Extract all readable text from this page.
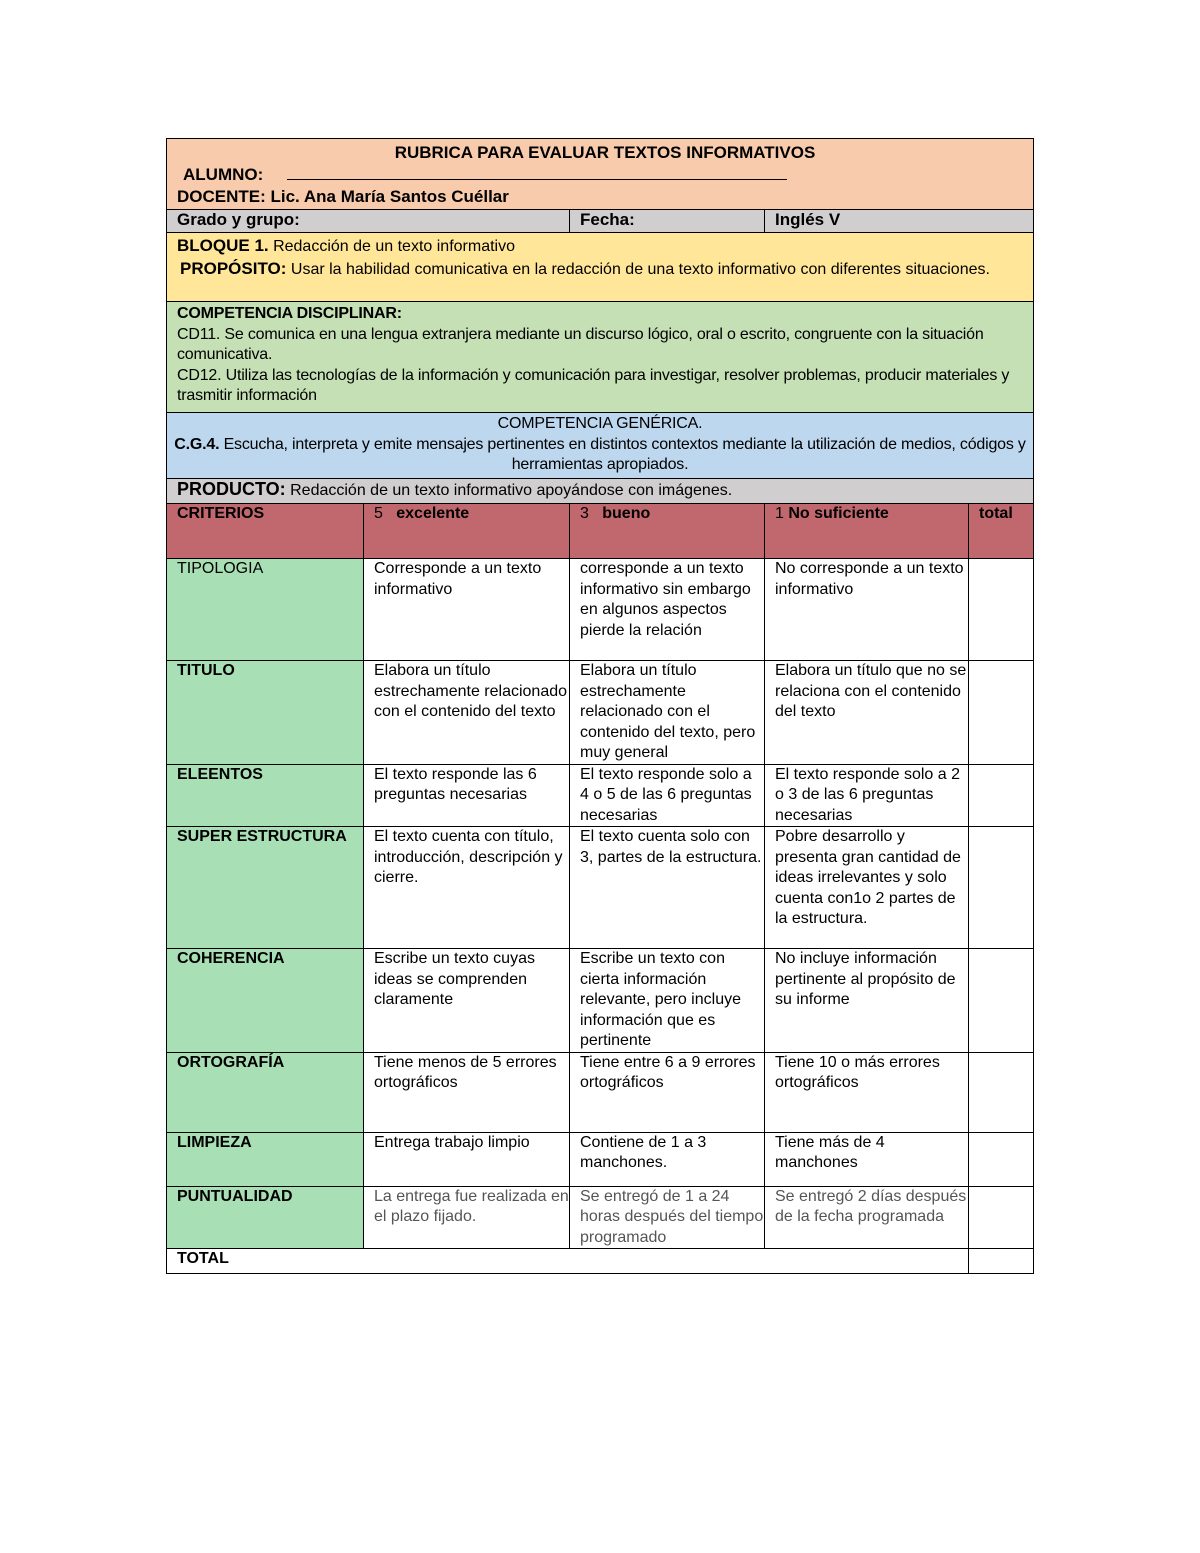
RUBRICA PARA EVALUAR TEXTOS INFORMATIVOS
ALUMNO:
DOCENTE: Lic. Ana María Santos Cuéllar				

Grado y grupo:		Fecha:	Inglés V	

BLOQUE 1. Redacción de un texto informativo
PROPÓSITO: Usar la habilidad comunicativa en la redacción de una texto informativo con diferentes situaciones.				

COMPETENCIA DISCIPLINAR:
CD11. Se comunica en una lengua extranjera mediante un discurso lógico, oral o escrito, congruente con la situación comunicativa.
CD12. Utiliza las tecnologías de la información y comunicación para investigar, resolver problemas, producir materiales y trasmitir información				

COMPETENCIA GENÉRICA.
C.G.4. Escucha, interpreta y emite mensajes pertinentes en distintos contextos mediante la utilización de medios, códigos y herramientas apropiados.				

PRODUCTO: Redacción de un texto informativo apoyándose con imágenes.				
CRITERIOS	5 excelente	3 bueno	1 No suficiente	total
TIPOLOGIA	Corresponde a un texto informativo	corresponde a un texto informativo sin embargo en algunos aspectos pierde la relación	No corresponde a un texto informativo	
TITULO	Elabora un título estrechamente relacionado con el contenido del texto	Elabora un título estrechamente relacionado con el contenido del texto, pero muy general	Elabora un título que no se relaciona con el contenido del texto	
ELEENTOS	El texto responde las 6 preguntas necesarias	El texto responde solo a 4 o 5 de las 6 preguntas necesarias	El texto responde solo a 2 o 3 de las 6 preguntas necesarias	
SUPER ESTRUCTURA	El texto cuenta con título, introducción, descripción y cierre.	El texto cuenta solo con 3, partes de la estructura.	Pobre desarrollo y presenta gran cantidad de ideas irrelevantes y solo cuenta con1o 2 partes de la estructura.	
COHERENCIA	Escribe un texto cuyas ideas se comprenden claramente	Escribe un texto con cierta información relevante, pero incluye información que es pertinente	No incluye información pertinente al propósito de su informe	
ORTOGRAFÍA	Tiene menos de 5 errores ortográficos	Tiene entre 6 a 9 errores ortográficos	Tiene 10 o más errores ortográficos	
LIMPIEZA	Entrega trabajo limpio	Contiene de 1 a 3 manchones.	Tiene más de 4 manchones	
PUNTUALIDAD	La entrega fue realizada en el plazo fijado.	Se entregó de 1 a 24 horas después del tiempo programado	Se entregó 2 días después de la fecha programada	
TOTAL				
